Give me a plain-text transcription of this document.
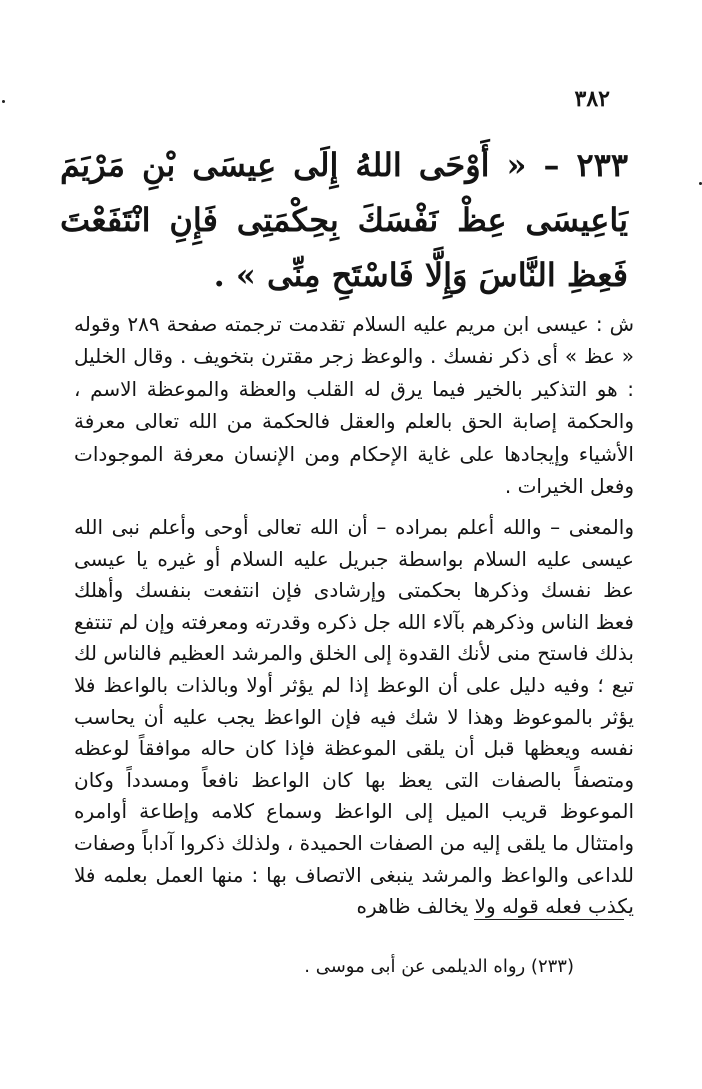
٣٨٢
٢٣٣ – « أَوْحَى اللهُ إِلَى عِيسَى بْنِ مَرْيَمَ يَاعِيسَى عِظْ نَفْسَكَ بِحِكْمَتِى فَإِنِ انْتَفَعْتَ فَعِظِ النَّاسَ وَإِلَّا فَاسْتَحِ مِنِّى » .

ش : عيسى ابن مريم عليه السلام تقدمت ترجمته صفحة ٢٨٩ وقوله « عظ » أى ذكر نفسك . والوعظ زجر مقترن بتخويف . وقال الخليل : هو التذكير بالخير فيما يرق له القلب والعظة والموعظة الاسم ، والحكمة إصابة الحق بالعلم والعقل فالحكمة من الله تعالى معرفة الأشياء وإيجادها على غاية الإحكام ومن الإنسان معرفة الموجودات وفعل الخيرات .

والمعنى – والله أعلم بمراده – أن الله تعالى أوحى وأعلم نبى الله عيسى عليه السلام بواسطة جبريل عليه السلام أو غيره يا عيسى عظ نفسك وذكرها بحكمتى وإرشادى فإن انتفعت بنفسك وأهلك فعظ الناس وذكرهم بآلاء الله جل ذكره وقدرته ومعرفته وإن لم تنتفع بذلك فاستح منى لأنك القدوة إلى الخلق والمرشد العظيم فالناس لك تبع ؛ وفيه دليل على أن الوعظ إذا لم يؤثر أولا وبالذات بالواعظ فلا يؤثر بالموعوظ وهذا لا شك فيه فإن الواعظ يجب عليه أن يحاسب نفسه ويعظها قبل أن يلقى الموعظة فإذا كان حاله موافقاً لوعظه ومتصفاً بالصفات التى يعظ بها كان الواعظ نافعاً ومسدداً وكان الموعوظ قريب الميل إلى الواعظ وسماع كلامه وإطاعة أوامره وامتثال ما يلقى إليه من الصفات الحميدة ، ولذلك ذكروا آداباً وصفات للداعى والواعظ والمرشد ينبغى الاتصاف بها : منها العمل بعلمه فلا يكذب فعله قوله ولا يخالف ظاهره

(٢٣٣) رواه الديلمى عن أبى موسى .
